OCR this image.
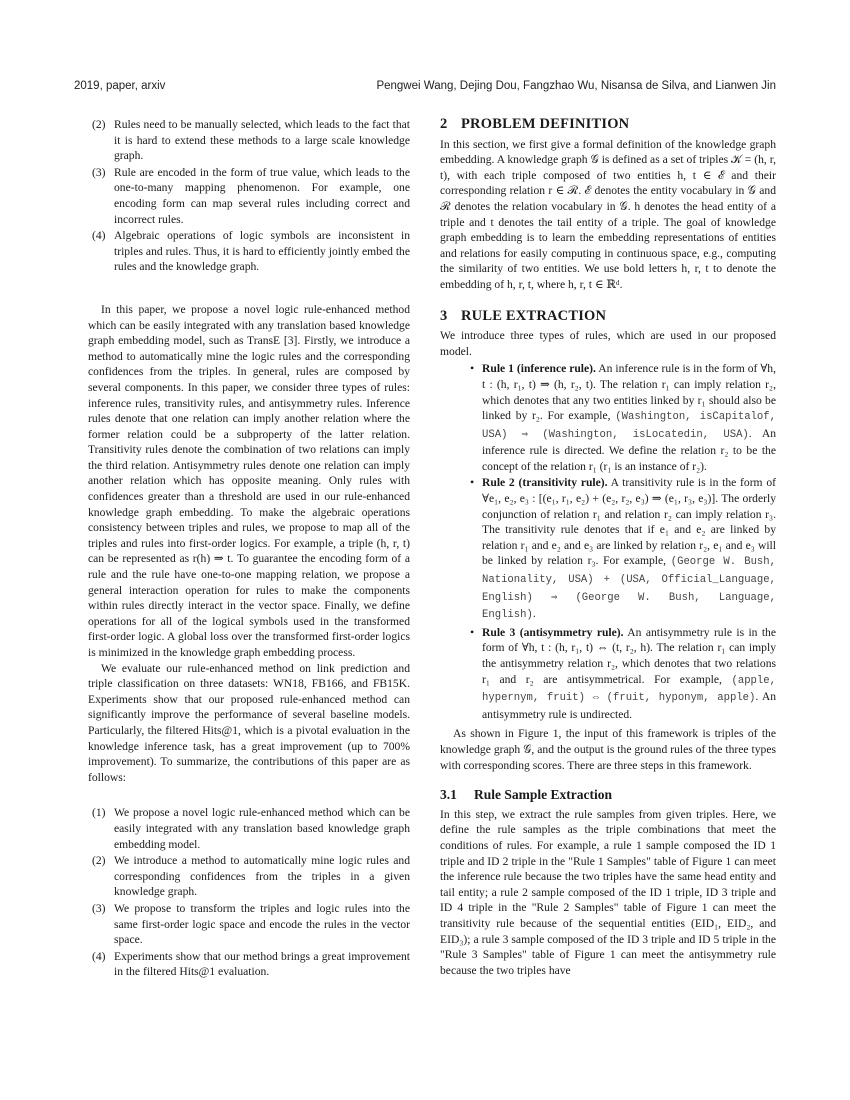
2019, paper, arxiv	Pengwei Wang, Dejing Dou, Fangzhao Wu, Nisansa de Silva, and Lianwen Jin
(2) Rules need to be manually selected, which leads to the fact that it is hard to extend these methods to a large scale knowledge graph.
(3) Rule are encoded in the form of true value, which leads to the one-to-many mapping phenomenon. For example, one encoding form can map several rules including correct and incorrect rules.
(4) Algebraic operations of logic symbols are inconsistent in triples and rules. Thus, it is hard to efficiently jointly embed the rules and the knowledge graph.

In this paper, we propose a novel logic rule-enhanced method which can be easily integrated with any translation based knowledge graph embedding model, such as TransE [3]. Firstly, we introduce a method to automatically mine the logic rules and the corresponding confidences from the triples. In general, rules are composed by several components. In this paper, we consider three types of rules: inference rules, transitivity rules, and antisymmetry rules. Inference rules denote that one relation can imply another relation where the former relation could be a subproperty of the latter relation. Transitivity rules denote the combination of two relations can imply the third relation. Antisymmetry rules denote one relation can imply another relation which has opposite meaning. Only rules with confidences greater than a threshold are used in our rule-enhanced knowledge graph embedding. To make the algebraic operations consistency between triples and rules, we propose to map all of the triples and rules into first-order logics. For example, a triple (h, r, t) can be represented as r(h) ⇒ t. To guarantee the encoding form of a rule and the rule have one-to-one mapping relation, we propose a general interaction operation for rules to make the components within rules directly interact in the vector space. Finally, we define operations for all of the logical symbols used in the transformed first-order logic. A global loss over the transformed first-order logics is minimized in the knowledge graph embedding process.

We evaluate our rule-enhanced method on link prediction and triple classification on three datasets: WN18, FB166, and FB15K. Experiments show that our proposed rule-enhanced method can significantly improve the performance of several baseline models. Particularly, the filtered Hits@1, which is a pivotal evaluation in the knowledge inference task, has a great improvement (up to 700% improvement). To summarize, the contributions of this paper are as follows:

(1) We propose a novel logic rule-enhanced method which can be easily integrated with any translation based knowledge graph embedding model.
(2) We introduce a method to automatically mine logic rules and corresponding confidences from the triples in a given knowledge graph.
(3) We propose to transform the triples and logic rules into the same first-order logic space and encode the rules in the vector space.
(4) Experiments show that our method brings a great improvement in the filtered Hits@1 evaluation.
2 PROBLEM DEFINITION

In this section, we first give a formal definition of the knowledge graph embedding. A knowledge graph 𝒢 is defined as a set of triples 𝒦 = (h, r, t), with each triple composed of two entities h, t ∈ ℰ and their corresponding relation r ∈ ℛ. ℰ denotes the entity vocabulary in 𝒢 and ℛ denotes the relation vocabulary in 𝒢. h denotes the head entity of a triple and t denotes the tail entity of a triple. The goal of knowledge graph embedding is to learn the embedding representations of entities and relations for easily computing in continuous space, e.g., computing the similarity of two entities. We use bold letters h, r, t to denote the embedding of h, r, t, where h, r, t ∈ ℝᵈ.

3 RULE EXTRACTION

We introduce three types of rules, which are used in our proposed model.

• Rule 1 (inference rule). An inference rule is in the form of ∀h, t : (h, r₁, t) ⇒ (h, r₂, t). The relation r₁ can imply relation r₂, which denotes that any two entities linked by r₁ should also be linked by r₂. For example, (Washington, isCapitalof, USA) ⇒ (Washington, isLocatedin, USA). An inference rule is directed. We define the relation r₂ to be the concept of the relation r₁ (r₁ is an instance of r₂).
• Rule 2 (transitivity rule). A transitivity rule is in the form of ∀e₁, e₂, e₃ : [(e₁, r₁, e₂) + (e₂, r₂, e₃) ⇒ (e₁, r₃, e₃)]. The orderly conjunction of relation r₁ and relation r₂ can imply relation r₃. The transitivity rule denotes that if e₁ and e₂ are linked by relation r₁ and e₂ and e₃ are linked by relation r₂, e₁ and e₃ will be linked by relation r₃. For example, (George W. Bush, Nationality, USA) + (USA, Official_Language, English) ⇒ (George W. Bush, Language, English).
• Rule 3 (antisymmetry rule). An antisymmetry rule is in the form of ∀h, t : (h, r₁, t) ⇔ (t, r₂, h). The relation r₁ can imply the antisymmetry relation r₂, which denotes that two relations r₁ and r₂ are antisymmetrical. For example, (apple, hypernym, fruit) ⇔ (fruit, hyponym, apple). An antisymmetry rule is undirected.

As shown in Figure 1, the input of this framework is triples of the knowledge graph 𝒢, and the output is the ground rules of the three types with corresponding scores. There are three steps in this framework.

3.1 Rule Sample Extraction

In this step, we extract the rule samples from given triples. Here, we define the rule samples as the triple combinations that meet the conditions of rules. For example, a rule 1 sample composed the ID 1 triple and ID 2 triple in the "Rule 1 Samples" table of Figure 1 can meet the inference rule because the two triples have the same head entity and tail entity; a rule 2 sample composed of the ID 1 triple, ID 3 triple and ID 4 triple in the "Rule 2 Samples" table of Figure 1 can meet the transitivity rule because of the sequential entities (EID₁, EID₂, and EID₃); a rule 3 sample composed of the ID 3 triple and ID 5 triple in the "Rule 3 Samples" table of Figure 1 can meet the antisymmetry rule because the two triples have
